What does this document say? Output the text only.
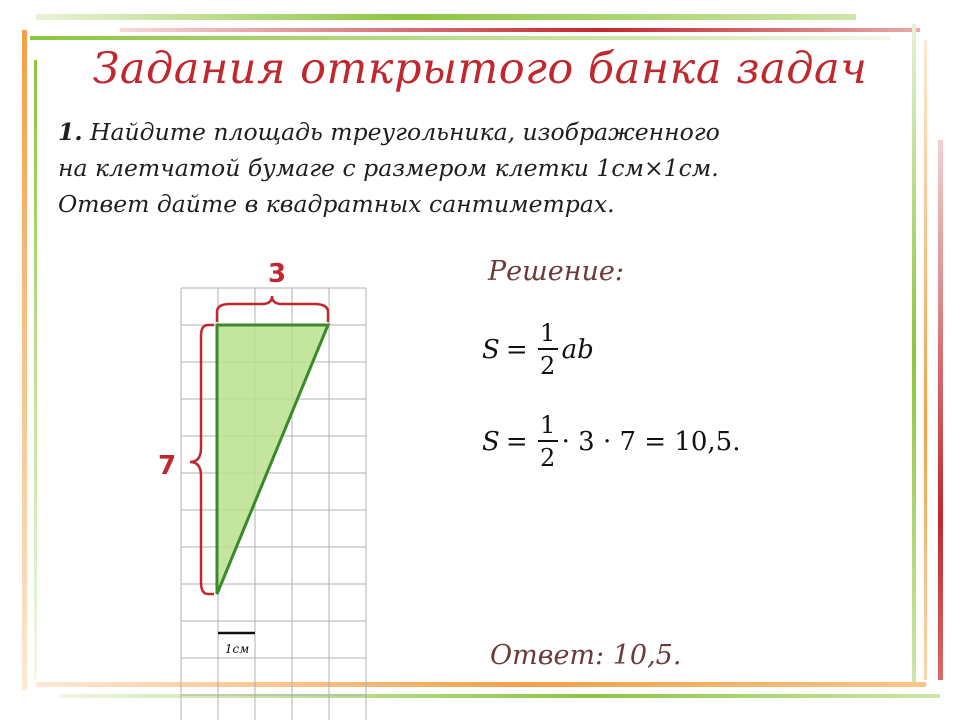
Задания открытого банка задач
1. Найдите площадь треугольника, изображенного
на клетчатой бумаге с размером клетки 1см×1см.
Ответ дайте в квадратных сантиметрах.
3
7
1см
Решение:
$S = \frac{1}{2}$ ab
$S = \frac{1}{2} \cdot 3 \cdot 7 = 10,5$.
Ответ: 10,5.
